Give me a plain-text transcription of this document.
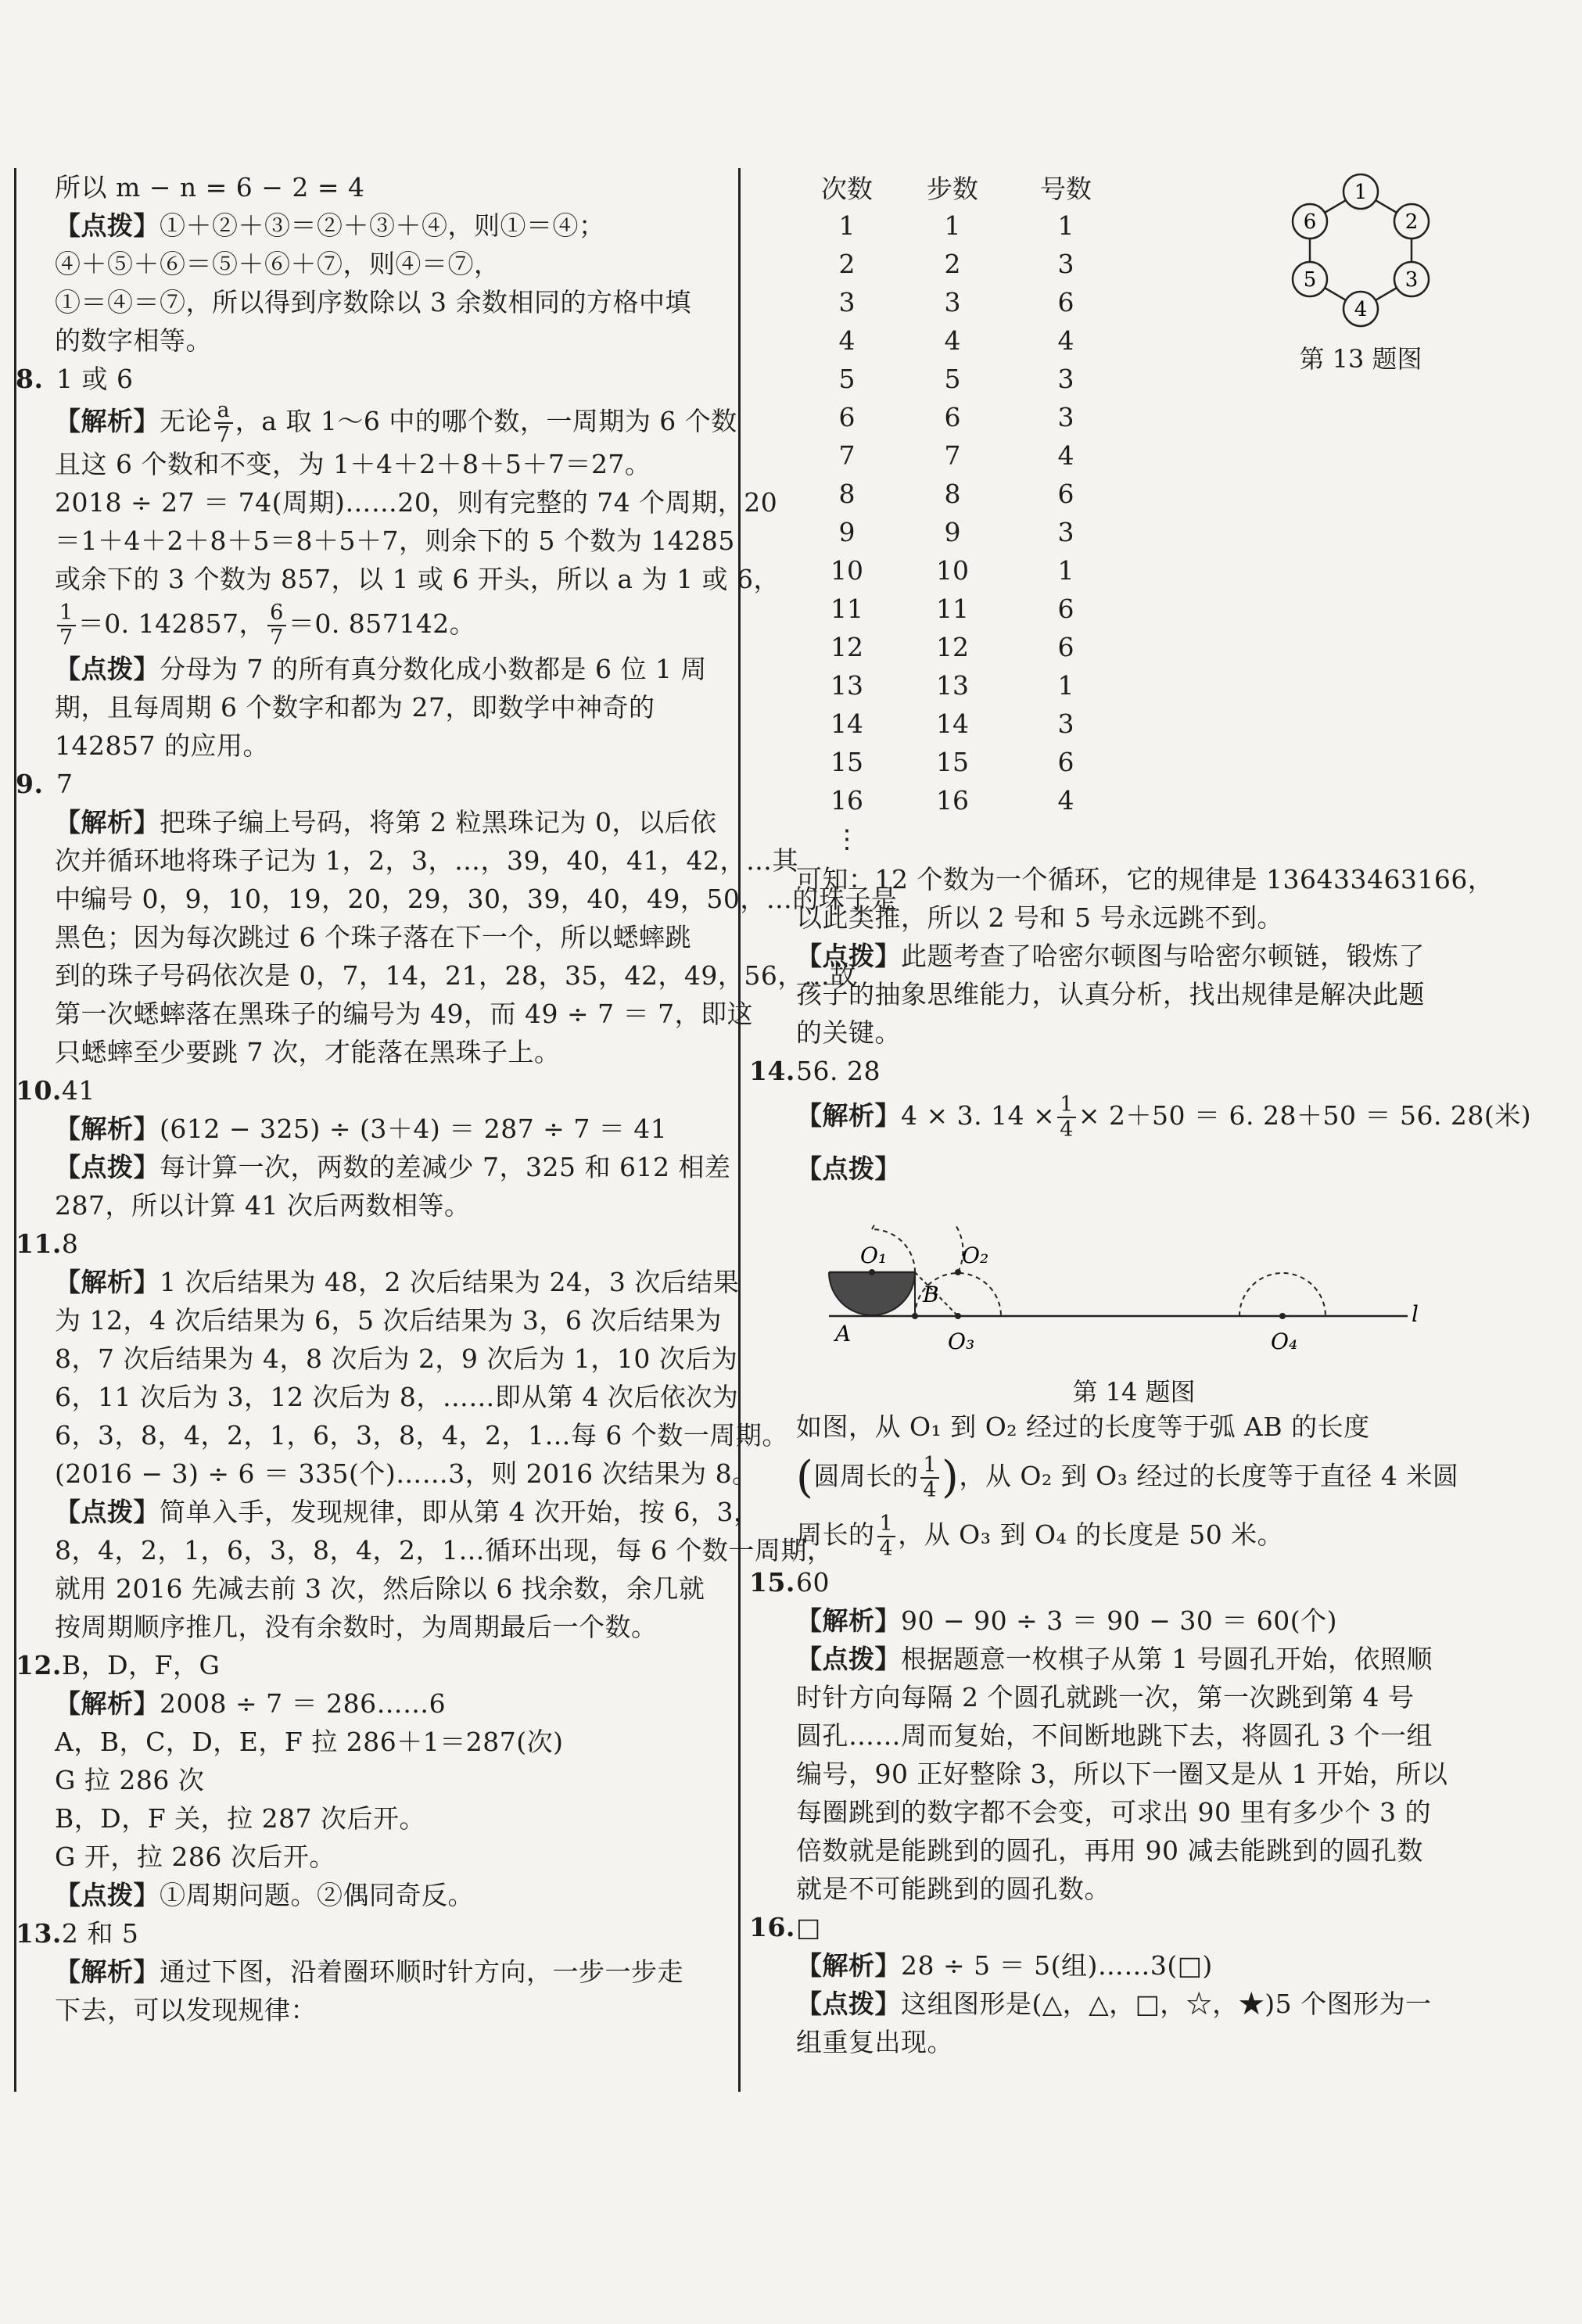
所以 m − n = 6 − 2 = 4
【点拨】①＋②＋③＝②＋③＋④，则①＝④；
④＋⑤＋⑥＝⑤＋⑥＋⑦，则④＝⑦，
①＝④＝⑦，所以得到序数除以 3 余数相同的方格中填
的数字相等。
8. 1 或 6
【解析】无论 $\frac{a}{7}$ ，a 取 1～6 中的哪个数，一周期为 6 个数
且这 6 个数和不变，为 1＋4＋2＋8＋5＋7＝27。
2018 ÷ 27 ＝ 74(周期)……20，则有完整的 74 个周期，20
＝1＋4＋2＋8＋5＝8＋5＋7，则余下的 5 个数为 14285
或余下的 3 个数为 857，以 1 或 6 开头，所以 a 为 1 或 6，
$\frac{1}{7} =0$. 142857， $\frac{6}{7} =0$. 857142。
【点拨】分母为 7 的所有真分数化成小数都是 6 位 1 周
期，且每周期 6 个数字和都为 27，即数学中神奇的
142857 的应用。
9. 7
【解析】把珠子编上号码，将第 2 粒黑珠记为 0，以后依
次并循环地将珠子记为 1，2，3，…，39，40，41，42，…其
中编号 0，9，10，19，20，29，30，39，40，49，50，…的珠子是
黑色；因为每次跳过 6 个珠子落在下一个，所以蟋蟀跳
到的珠子号码依次是 0，7，14，21，28，35，42，49，56，…故
第一次蟋蟀落在黑珠子的编号为 49，而 49 ÷ 7 ＝ 7，即这
只蟋蟀至少要跳 7 次，才能落在黑珠子上。
10.41
【解析】(612 − 325) ÷ (3＋4) ＝ 287 ÷ 7 ＝ 41
【点拨】每计算一次，两数的差减少 7，325 和 612 相差
287，所以计算 41 次后两数相等。
11.8
【解析】1 次后结果为 48，2 次后结果为 24，3 次后结果
为 12，4 次后结果为 6，5 次后结果为 3，6 次后结果为
8，7 次后结果为 4，8 次后为 2，9 次后为 1，10 次后为
6，11 次后为 3，12 次后为 8，……即从第 4 次后依次为
6，3，8，4，2，1，6，3，8，4，2，1…每 6 个数一周期。
(2016 − 3) ÷ 6 ＝ 335(个)……3，则 2016 次结果为 8。
【点拨】简单入手，发现规律，即从第 4 次开始，按 6，3，
8，4，2，1，6，3，8，4，2，1…循环出现，每 6 个数一周期，
就用 2016 先减去前 3 次，然后除以 6 找余数，余几就
按周期顺序推几，没有余数时，为周期最后一个数。
12.B，D，F，G
【解析】2008 ÷ 7 ＝ 286……6
A，B，C，D，E，F 拉 286＋1＝287(次)
G 拉 286 次
B，D，F 关，拉 287 次后开。
G 开，拉 286 次后开。
【点拨】①周期问题。②偶同奇反。
13.2 和 5
【解析】通过下图，沿着圈环顺时针方向，一步一步走
下去，可以发现规律：
次数	步数	号数
1	1	1
2	2	3
3	3	6
4	4	4
5	5	3
6	6	3
7	7	4
8	8	6
9	9	3
10	10	1
11	11	6
12	12	6
13	13	1
14	14	3
15	15	6
16	16	4
⋮		
1
2
3
4
5
6
第 13 题图
可知：12 个数为一个循环，它的规律是 136433463166，
以此类推，所以 2 号和 5 号永远跳不到。
【点拨】此题考查了哈密尔顿图与哈密尔顿链，锻炼了
孩子的抽象思维能力，认真分析，找出规律是解决此题
的关键。
14.56. 28
【解析】4 × 3. $14 \times \frac{1}{4} \times 2+50 = 6$. 28＋50 ＝ 56. 28(米)
【点拨】
O₁	O₂
B
A	O₃	O₄
l
第 14 题图
如图，从 O₁ 到 O₂ 经过的长度等于弧 AB 的长度
(圆周长的 $\frac{1}{4}$ )，从 O₂ 到 O₃ 经过的长度等于直径 4 米圆
周长的 $\frac{1}{4}$ ，从 O₃ 到 O₄ 的长度是 50 米。
15.60
【解析】90 − 90 ÷ 3 ＝ 90 − 30 ＝ 60(个)
【点拨】根据题意一枚棋子从第 1 号圆孔开始，依照顺
时针方向每隔 2 个圆孔就跳一次，第一次跳到第 4 号
圆孔……周而复始，不间断地跳下去，将圆孔 3 个一组
编号，90 正好整除 3，所以下一圈又是从 1 开始，所以
每圈跳到的数字都不会变，可求出 90 里有多少个 3 的
倍数就是能跳到的圆孔，再用 90 减去能跳到的圆孔数
就是不可能跳到的圆孔数。
16.□
【解析】28 ÷ 5 ＝ 5(组)……3(□)
【点拨】这组图形是(△，△，□，☆，★)5 个图形为一
组重复出现。
